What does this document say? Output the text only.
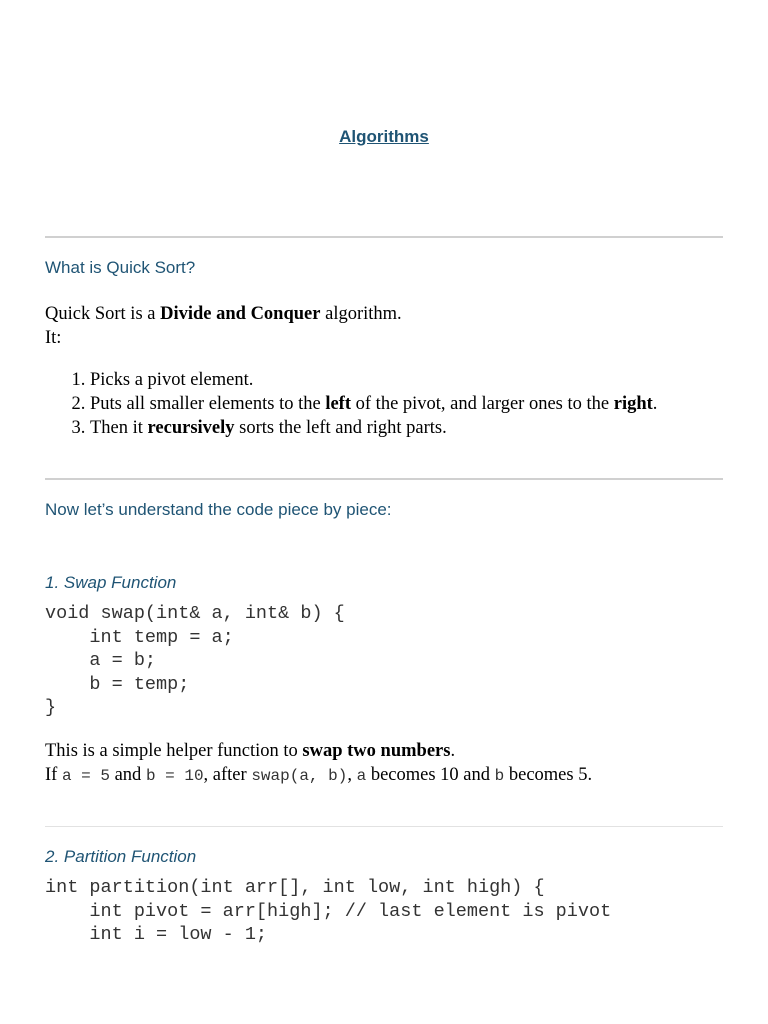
Algorithms
What is Quick Sort?
Quick Sort is a Divide and Conquer algorithm.
It:
1. Picks a pivot element.
2. Puts all smaller elements to the left of the pivot, and larger ones to the right.
3. Then it recursively sorts the left and right parts.
Now let’s understand the code piece by piece:
1. Swap Function
void swap(int& a, int& b) {
int temp = a;
a = b;
b = temp;
}
This is a simple helper function to swap two numbers.
If a = 5 and b = 10, after swap(a, b), a becomes 10 and b becomes 5.
2. Partition Function
int partition(int arr[], int low, int high) {
int pivot = arr[high]; // last element is pivot
int i = low - 1;
